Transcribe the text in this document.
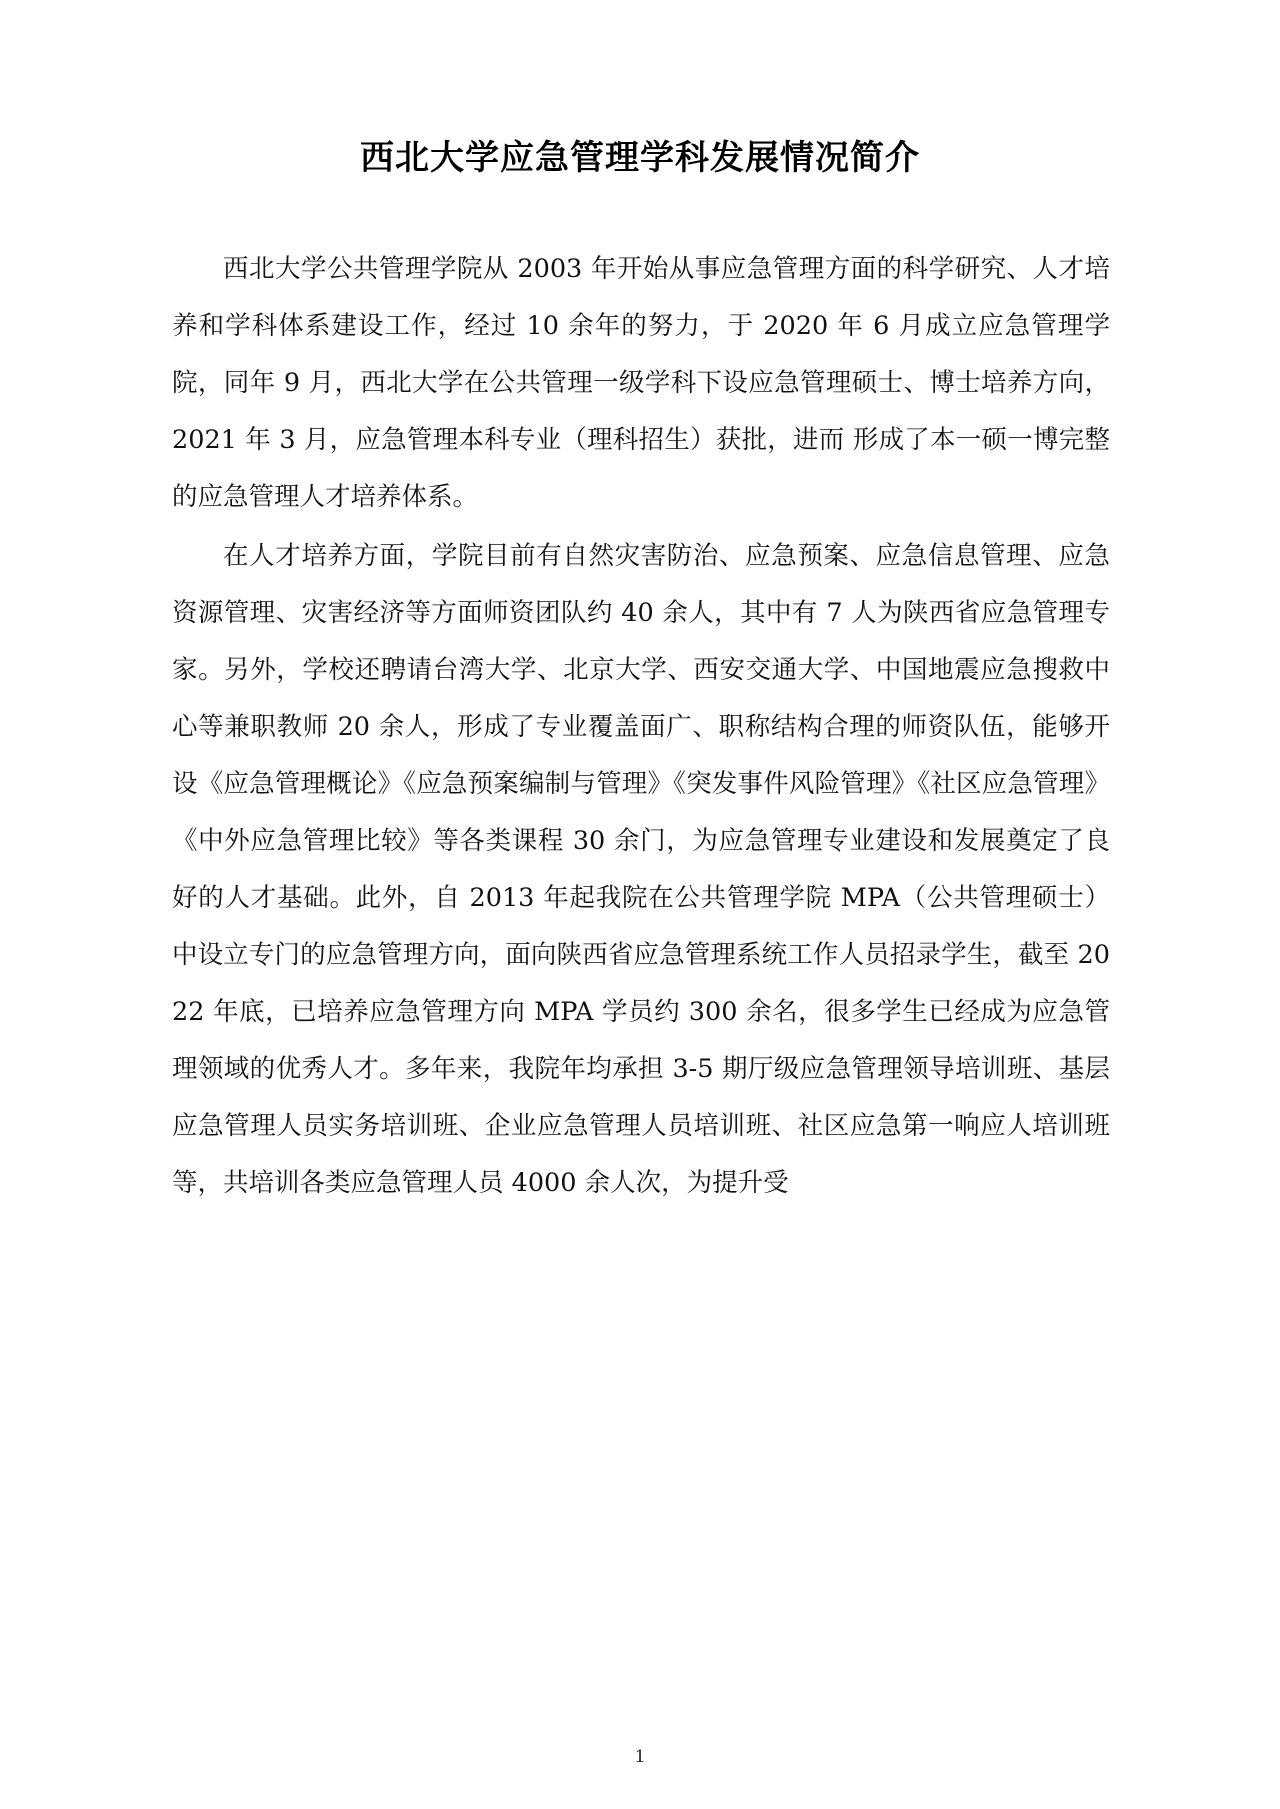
西北大学应急管理学科发展情况简介

西北大学公共管理学院从 2003 年开始从事应急管理方面的科学研究、人才培养和学科体系建设工作，经过 10 余年的努力，于 2020 年 6 月成立应急管理学院，同年 9 月，西北大学在公共管理一级学科下设应急管理硕士、博士培养方向，2021 年 3 月，应急管理本科专业（理科招生）获批，进而 形成了本一硕一博完整的应急管理人才培养体系。

在人才培养方面，学院目前有自然灾害防治、应急预案、应急信息管理、应急资源管理、灾害经济等方面师资团队约 40 余人，其中有 7 人为陕西省应急管理专家。另外，学校还聘请台湾大学、北京大学、西安交通大学、中国地震应急搜救中心等兼职教师 20 余人，形成了专业覆盖面广、职称结构合理的师资队伍，能够开设《应急管理概论》《应急预案编制与管理》《突发事件风险管理》《社区应急管理》《中外应急管理比较》等各类课程 30 余门，为应急管理专业建设和发展奠定了良好的人才基础。此外，自 2013 年起我院在公共管理学院 MPA（公共管理硕士）中设立专门的应急管理方向，面向陕西省应急管理系统工作人员招录学生，截至 2022 年底，已培养应急管理方向 MPA 学员约 300 余名，很多学生已经成为应急管理领域的优秀人才。多年来，我院年均承担 3-5 期厅级应急管理领导培训班、基层应急管理人员实务培训班、企业应急管理人员培训班、社区应急第一响应人培训班等，共培训各类应急管理人员 4000 余人次，为提升受

1
